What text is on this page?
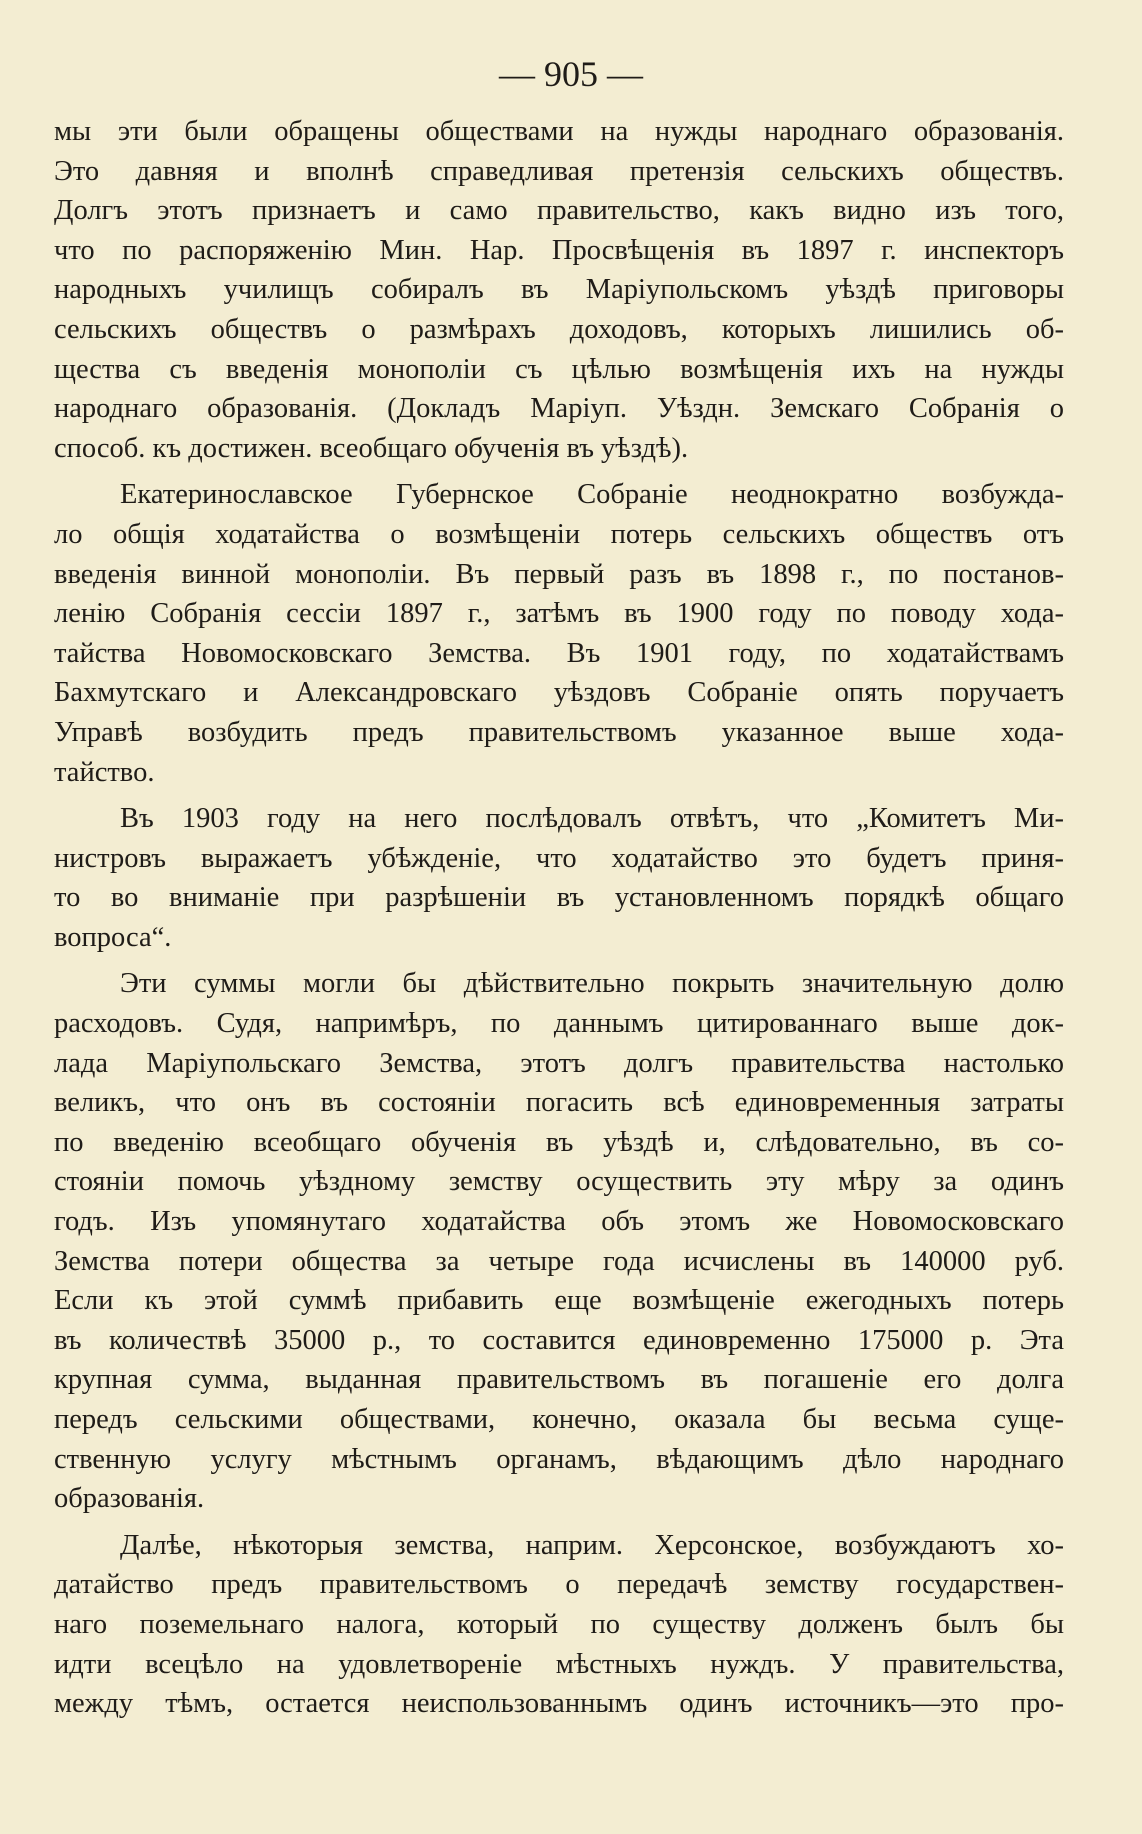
— 905 —
мы эти были обращены обществами на нужды народнаго образованія.
Это давняя и вполнѣ справедливая претензія сельскихъ обществъ.
Долгъ этотъ признаетъ и само правительство, какъ видно изъ того,
что по распоряженію Мин. Нар. Просвѣщенія въ 1897 г. инспекторъ
народныхъ училищъ собиралъ въ Маріупольскомъ уѣздѣ приговоры
сельскихъ обществъ о размѣрахъ доходовъ, которыхъ лишились об-
щества съ введенія монополіи съ цѣлью возмѣщенія ихъ на нужды
народнаго образованія. (Докладъ Маріуп. Уѣздн. Земскаго Собранія о
способ. къ достижен. всеобщаго обученія въ уѣздѣ).
Екатеринославское Губернское Собраніе неоднократно возбужда-
ло общія ходатайства о возмѣщеніи потерь сельскихъ обществъ отъ
введенія винной монополіи. Въ первый разъ въ 1898 г., по постанов-
ленію Собранія сессіи 1897 г., затѣмъ въ 1900 году по поводу хода-
тайства Новомосковскаго Земства. Въ 1901 году, по ходатайствамъ
Бахмутскаго и Александровскаго уѣздовъ Собраніе опять поручаетъ
Управѣ возбудить предъ правительствомъ указанное выше хода-
тайство.
Въ 1903 году на него послѣдовалъ отвѣтъ, что „Комитетъ Ми-
нистровъ выражаетъ убѣжденіе, что ходатайство это будетъ приня-
то во вниманіе при разрѣшеніи въ установленномъ порядкѣ общаго
вопроса“.
Эти суммы могли бы дѣйствительно покрыть значительную долю
расходовъ. Судя, напримѣръ, по даннымъ цитированнаго выше док-
лада Маріупольскаго Земства, этотъ долгъ правительства настолько
великъ, что онъ въ состояніи погасить всѣ единовременныя затраты
по введенію всеобщаго обученія въ уѣздѣ и, слѣдовательно, въ со-
стояніи помочь уѣздному земству осуществить эту мѣру за одинъ
годъ. Изъ упомянутаго ходатайства объ этомъ же Новомосковскаго
Земства потери общества за четыре года исчислены въ 140000 руб.
Если къ этой суммѣ прибавить еще возмѣщеніе ежегодныхъ потерь
въ количествѣ 35000 р., то составится единовременно 175000 р. Эта
крупная сумма, выданная правительствомъ въ погашеніе его долга
передъ сельскими обществами, конечно, оказала бы весьма суще-
ственную услугу мѣстнымъ органамъ, вѣдающимъ дѣло народнаго
образованія.
Далѣе, нѣкоторыя земства, наприм. Херсонское, возбуждаютъ хо-
датайство предъ правительствомъ о передачѣ земству государствен-
наго поземельнаго налога, который по существу долженъ былъ бы
идти всецѣло на удовлетвореніе мѣстныхъ нуждъ. У правительства,
между тѣмъ, остается неиспользованнымъ одинъ источникъ—это про-
